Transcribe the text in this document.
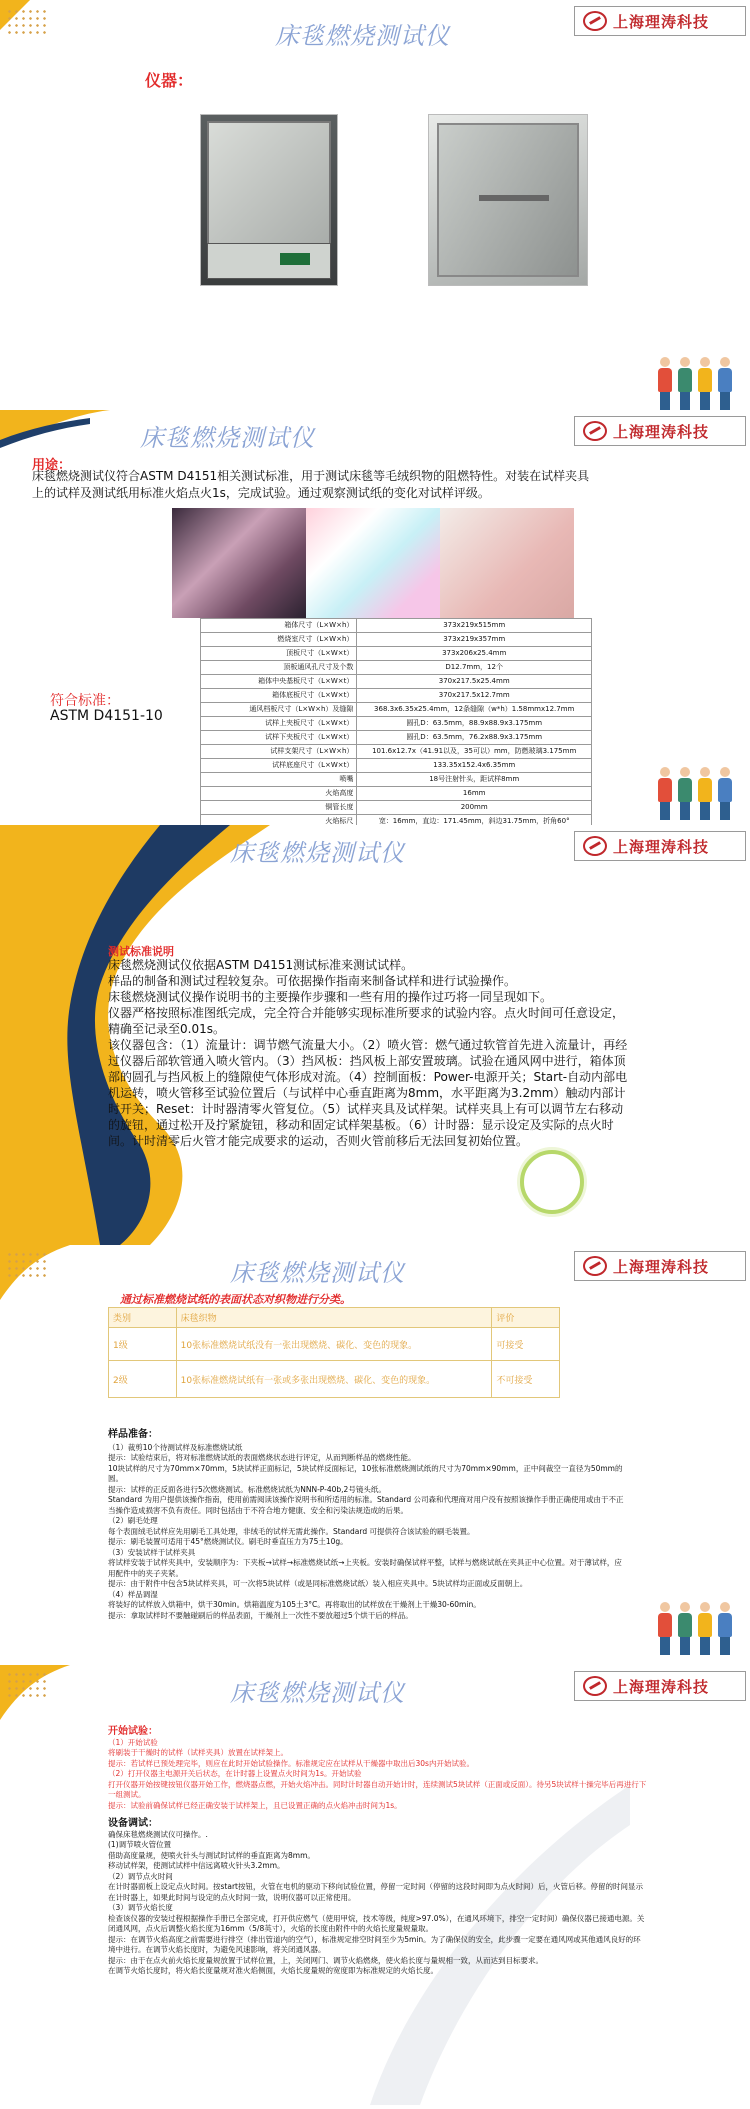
床毯燃烧测试仪
上海理涛科技
仪器：
床毯燃烧测试仪	上海理涛科技
用途：
床毯燃烧测试仪符合ASTM D4151相关测试标准，用于测试床毯等毛绒织物的阻燃特性。对装在试样夹具上的试样及测试纸用标准火焰点火1s，完成试验。通过观察测试纸的变化对试样评级。
符合标准：
ASTM D4151-10
箱体尺寸（L×W×h）	373x219x515mm
燃烧室尺寸（L×W×h）	373x219x357mm
顶板尺寸（L×W×t）	373x206x25.4mm
顶板通风孔尺寸及个数	D12.7mm，12个
箱体中央基板尺寸（L×W×t）	370x217.5x25.4mm
箱体底板尺寸（L×W×t）	370x217.5x12.7mm
通风档板尺寸（L×W×h）及缝隙	368.3x6.35x25.4mm，12条缝隙（w*h）1.58mmx12.7mm
试样上夹板尺寸（L×W×t）	圆孔D：63.5mm，88.9x88.9x3.175mm
试样下夹板尺寸（L×W×t）	圆孔D：63.5mm，76.2x88.9x3.175mm
试样支架尺寸（L×W×h）	101.6x12.7x（41.91以及，35可以）mm，防燃玻璃3.175mm
试样底座尺寸（L×W×t）	133.35x152.4x6.35mm
喷嘴	18号注射针头，距试样8mm
火焰高度	16mm
铜管长度	200mm
火焰标尺	宽：16mm，直边：171.45mm，斜边31.75mm，折角60°
床毯燃烧测试仪	上海理涛科技
测试标准说明

床毯燃烧测试仪依据ASTM D4151测试标准来测试试样。

样品的制备和测试过程较复杂。可依据操作指南来制备试样和进行试验操作。

床毯燃烧测试仪操作说明书的主要操作步骤和一些有用的操作过巧将一同呈现如下。

仪器严格按照标准图纸完成，完全符合并能够实现标准所要求的试验内容。点火时间可任意设定，精确至记录至0.01s。

该仪器包含：（1）流量计：调节燃气流量大小。（2）喷火管：燃气通过软管首先进入流量计，再经过仪器后部软管通入喷火管内。（3）挡风板：挡风板上部安置玻璃。试验在通风网中进行，箱体顶部的圆孔与挡风板上的缝隙使气体形成对流。（4）控制面板：Power-电源开关；Start-自动内部电机运转，喷火管移至试验位置后（与试样中心垂直距离为8mm，水平距离为3.2mm）触动内部计时开关；Reset：计时器清零火管复位。（5）试样夹具及试样架。试样夹具上有可以调节左右移动的旋钮，通过松开及拧紧旋钮，移动和固定试样架基板。（6）计时器：显示设定及实际的点火时间。计时清零后火管才能完成要求的运动，否则火管前移后无法回复初始位置。

床毯燃烧测试仪	上海理涛科技
通过标准燃烧试纸的表面状态对织物进行分类。
类别	床毯织物	评价
1级	10张标准燃烧试纸没有一张出现燃烧、碳化、变色的现象。	可接受
2级	10张标准燃烧试纸有一张或多张出现燃烧、碳化、变色的现象。	不可接受

样品准备：

（1）裁剪10个待测试样及标准燃烧试纸

提示：试验结束后，将对标准燃烧试纸的表面燃烧状态进行评定，从而判断样品的燃烧性能。

10块试样的尺寸为70mm×70mm，5块试样正面标记，5块试样反面标记，10张标准燃烧测试纸的尺寸为70mm×90mm，正中间裁空一直径为50mm的圆。

提示：试样的正反面各进行5次燃烧测试。标准燃烧试纸为NNN-P-40b,2号镜头纸。

Standard 为用户提供该操作指南，使用前需阅读该操作说明书和所适用的标准。Standard 公司森和代理商对用户没有按照该操作手册正确使用或由于不正当操作造成损害不负有责任。同时包括由于不符合地方健康、安全和污染法规造成的后果。

（2）刷毛处理

每个表面绒毛试样应先用刷毛工具处理，非绒毛的试样无需此操作。Standard 可提供符合该试验的刷毛装置。

提示：刷毛装置可适用于45°燃烧测试仪。刷毛时垂直压力为75土10g。

（3）安装试样于试样夹具

将试样安装于试样夹具中，安装顺序为：下夹板→试样→标准燃烧试纸→上夹板。安装时确保试样平整，试样与燃烧试纸在夹具正中心位置。对于薄试样，应用配件中的夹子夹紧。

提示：由于附件中包含5块试样夹具，可一次将5块试样（或是同标准燃烧试纸）装入相应夹具中。5块试样均正面或反面朝上。

（4）样品调湿

将装好的试样放入烘箱中，烘干30min。烘箱温度为105土3°C。再将取出的试样放在干燥剂上干燥30-60min。

提示：拿取试样时不要触碰刷后的样品表面，干燥剂上一次性不要放超过5个烘干后的样品。

床毯燃烧测试仪	上海理涛科技

开始试验：

（1）开始试验

将刷装于干燥时的试样（试样夹具）放置在试样架上。

提示：若试样已预处理完毕，则应在此时开始试验操作。标准规定应在试样从干燥器中取出后30s内开始试验。

（2）打开仪器主电源开关后状态，在计时器上设置点火时间为1s。开始试验

打开仪器开始按键按钮仪器开始工作，燃烧器点燃，开始火焰冲击。同时计时器自动开始计时，连续测试5块试样（正面或反面）。待另5块试样十操完毕后再进行下一组测试。

提示：试验前确保试样已经正确安装于试样架上，且已设置正确的点火焰冲击时间为1s。

设备调试：

确保床毯燃烧测试仪可操作。.

(1)调节喷火管位置

借助高度量规，使喷火针头与测试时试样的垂直距离为8mm。

移动试样架，使测试试样中信远离喷火针头3.2mm。

（2）调节点火时间

在计时器面板上设定点火时间。按start按钮，火管在电机的驱动下移向试验位置，停留一定时间（停留的这段时间即为点火时间）后，火管后移。停留的时间显示在计时器上，如果此时间与设定的点火时间一致，说明仪器可以正常使用。

（3）调节火焰长度

检查该仪器的安装过程根据操作手册已全部完成，打开供应燃气（使用甲烷，技术等级，纯度>97.0%），在通风环境下，排空一定时间）确保仪器已接通电源。关闭通风网，点火后调整火焰长度为16mm（5/8英寸），火焰的长度由附件中的火焰长度量规量取。

提示：在调节火焰高度之前需要进行排空（排出管道内的空气），标准规定排空时间至少为5min。为了确保仪的安全，此步骤一定要在通风网或其他通风良好的环境中进行。在调节火焰长度时，为避免风速影响，将关闭通风器。

提示：由于在点火前火焰长度量规放置于试样位置，上，关闭网门、调节火焰燃烧，使火焰长度与量规相一致，从而达到目标要求。

在调节火焰长度时，将火焰长度量规对准火焰侧面，火焰长度量规的宽度即为标准规定的火焰长度。
